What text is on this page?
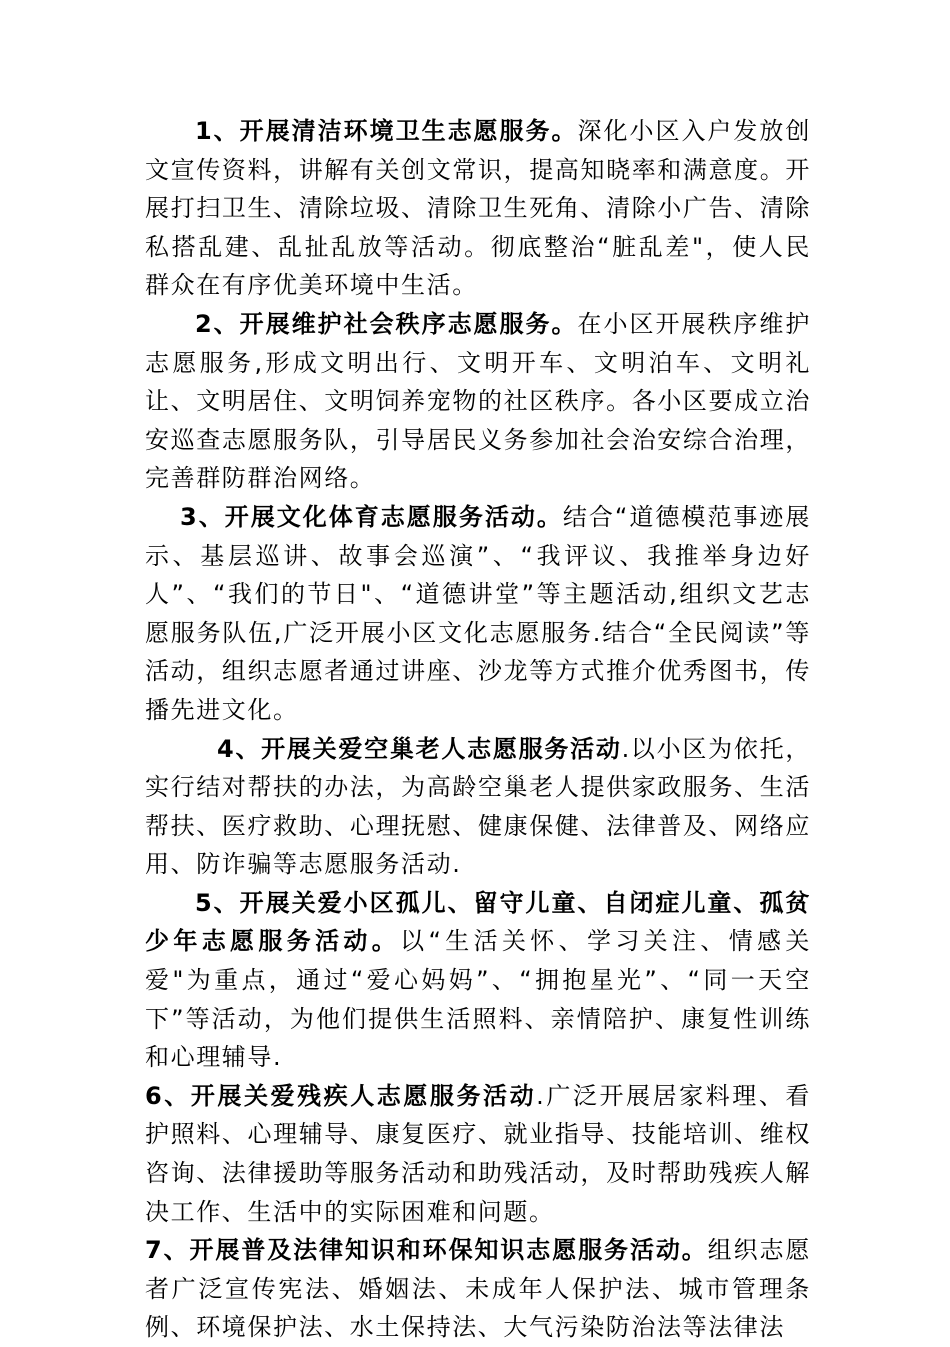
1、开展清洁环境卫生志愿服务。深化小区入户发放创文宣传资料，讲解有关创文常识，提高知晓率和满意度。开展打扫卫生、清除垃圾、清除卫生死角、清除小广告、清除私搭乱建、乱扯乱放等活动。彻底整治“脏乱差"，使人民群众在有序优美环境中生活。

2、开展维护社会秩序志愿服务。在小区开展秩序维护志愿服务,形成文明出行、文明开车、文明泊车、文明礼让、文明居住、文明饲养宠物的社区秩序。各小区要成立治安巡查志愿服务队，引导居民义务参加社会治安综合治理，完善群防群治网络。

3、开展文化体育志愿服务活动。结合“道德模范事迹展示、基层巡讲、故事会巡演”、“我评议、我推举身边好人”、“我们的节日"、“道德讲堂”等主题活动,组织文艺志愿服务队伍,广泛开展小区文化志愿服务.结合“全民阅读”等活动，组织志愿者通过讲座、沙龙等方式推介优秀图书，传播先进文化。

4、开展关爱空巢老人志愿服务活动.以小区为依托，实行结对帮扶的办法，为高龄空巢老人提供家政服务、生活帮扶、医疗救助、心理抚慰、健康保健、法律普及、网络应用、防诈骗等志愿服务活动.

5、开展关爱小区孤儿、留守儿童、自闭症儿童、孤贫少年志愿服务活动。以“生活关怀、学习关注、情感关爱"为重点，通过“爱心妈妈”、“拥抱星光”、“同一天空下”等活动，为他们提供生活照料、亲情陪护、康复性训练和心理辅导.

6、开展关爱残疾人志愿服务活动.广泛开展居家料理、看护照料、心理辅导、康复医疗、就业指导、技能培训、维权咨询、法律援助等服务活动和助残活动，及时帮助残疾人解决工作、生活中的实际困难和问题。

7、开展普及法律知识和环保知识志愿服务活动。组织志愿者广泛宣传宪法、婚姻法、未成年人保护法、城市管理条例、环境保护法、水土保持法、大气污染防治法等法律法
